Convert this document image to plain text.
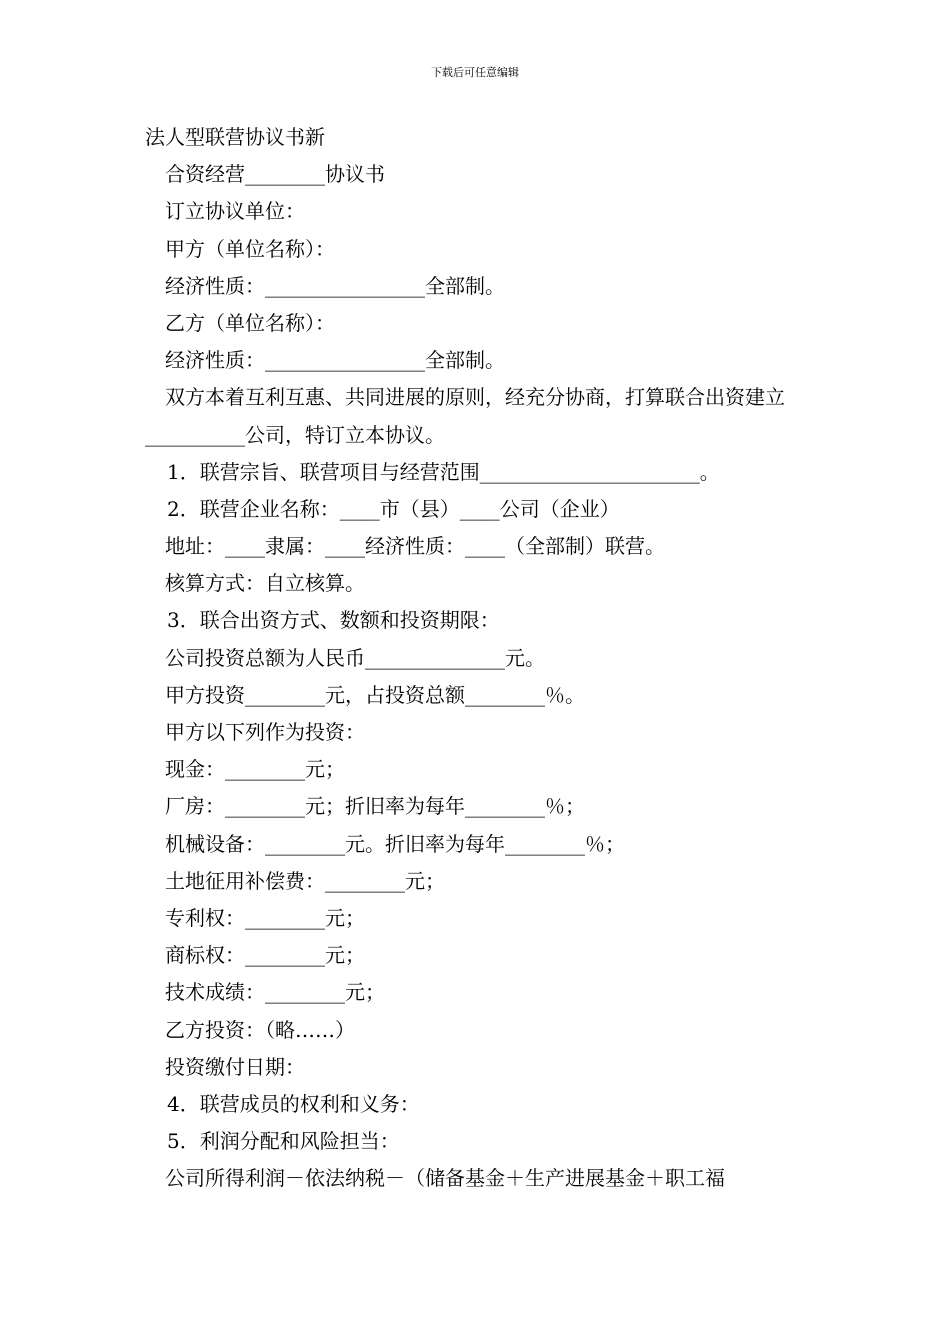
下载后可任意编辑
法人型联营协议书新
合资经营________协议书
订立协议单位：
甲方（单位名称）：
经济性质：________________全部制。
乙方（单位名称）：
经济性质：________________全部制。
双方本着互利互惠、共同进展的原则，经充分协商，打算联合出资建立__________公司，特订立本协议。
1．联营宗旨、联营项目与经营范围______________________。
2．联营企业名称：____市（县）____公司（企业）
地址：____隶属：____经济性质：____（全部制）联营。
核算方式：自立核算。
3．联合出资方式、数额和投资期限：
公司投资总额为人民币______________元。
甲方投资________元，占投资总额________％。
甲方以下列作为投资：
现金：________元；
厂房：________元；折旧率为每年________％；
机械设备：________元。折旧率为每年________％；
土地征用补偿费：________元；
专利权：________元；
商标权：________元；
技术成绩：________元；
乙方投资：（略……）
投资缴付日期：
4．联营成员的权利和义务：
5．利润分配和风险担当：
公司所得利润－依法纳税－（储备基金＋生产进展基金＋职工福
